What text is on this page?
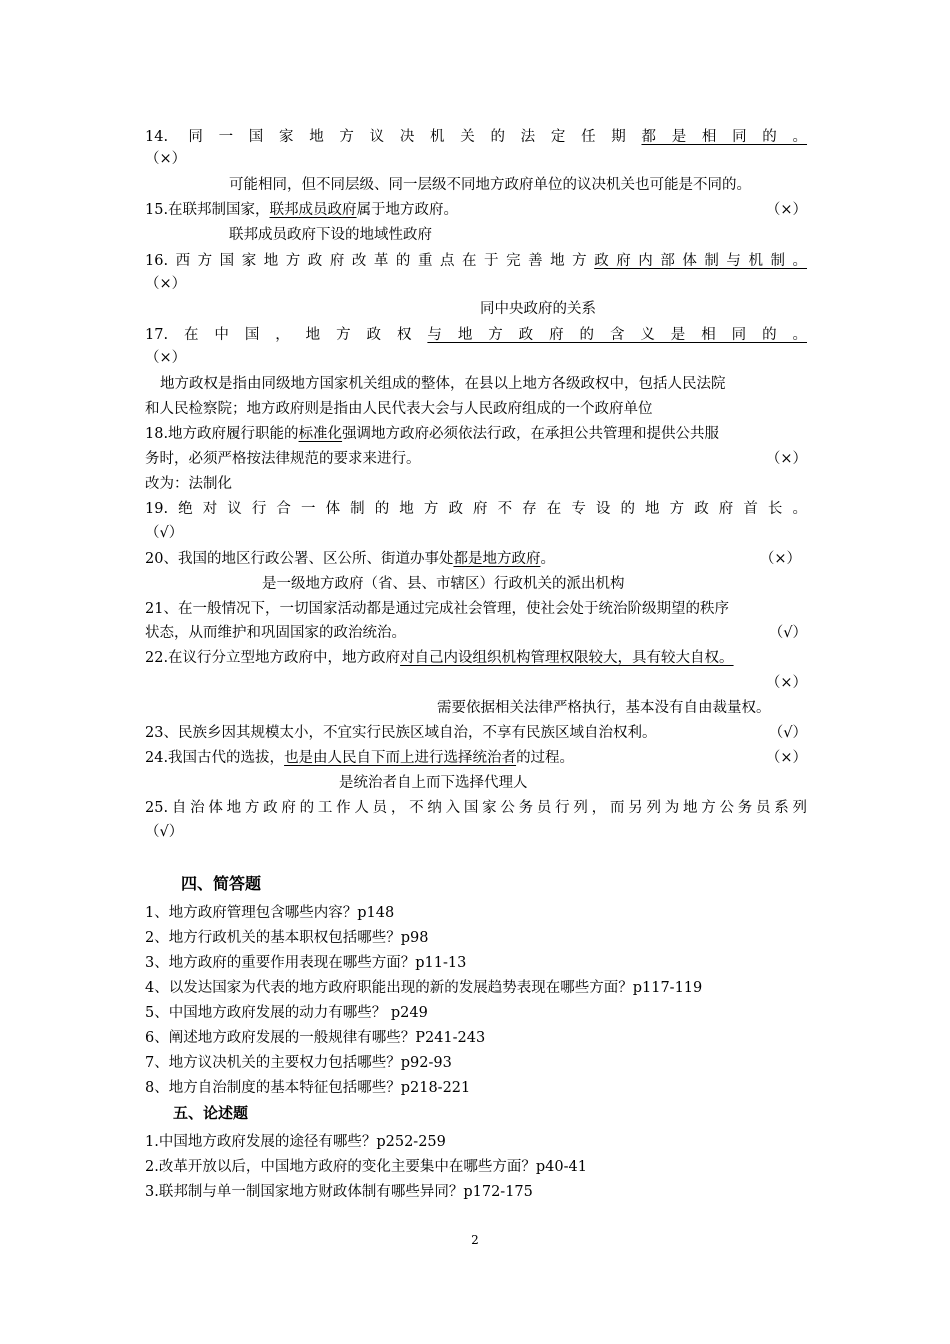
14. 同一国家地方议决机关的法定任期都是相同的。
（×）
可能相同，但不同层级、同一层级不同地方政府单位的议决机关也可能是不同的。
15.在联邦制国家，联邦成员政府属于地方政府。	（×）
联邦成员政府下设的地域性政府
16.西方国家地方政府改革的重点在于完善地方政府内部体制与机制。
（×）
同中央政府的关系
17.在中国，地方政权与地方政府的含义是相同的。
（×）
地方政权是指由同级地方国家机关组成的整体，在县以上地方各级政权中，包括人民法院
和人民检察院；地方政府则是指由人民代表大会与人民政府组成的一个政府单位
18.地方政府履行职能的标准化强调地方政府必须依法行政，在承担公共管理和提供公共服
务时，必须严格按法律规范的要求来进行。	（×）
改为：法制化
19.绝对议行合一体制的地方政府不存在专设的地方政府首长。
（√）
20、我国的地区行政公署、区公所、街道办事处都是地方政府。	（×）
是一级地方政府（省、县、市辖区）行政机关的派出机构
21、在一般情况下，一切国家活动都是通过完成社会管理，使社会处于统治阶级期望的秩序
状态，从而维护和巩固国家的政治统治。	（√）
22.在议行分立型地方政府中，地方政府对自己内设组织机构管理权限较大，具有较大自权。
（×）
需要依据相关法律严格执行，基本没有自由裁量权。
23、民族乡因其规模太小，不宜实行民族区域自治，不享有民族区域自治权利。	（√）
24.我国古代的选拔，也是由人民自下而上进行选择统治者的过程。	（×）
是统治者自上而下选择代理人
25.自治体地方政府的工作人员，不纳入国家公务员行列，而另列为地方公务员系列
（√）
四、简答题
1、地方政府管理包含哪些内容？p148
2、地方行政机关的基本职权包括哪些？p98
3、地方政府的重要作用表现在哪些方面？p11-13
4、以发达国家为代表的地方政府职能出现的新的发展趋势表现在哪些方面？p117-119
5、中国地方政府发展的动力有哪些？ p249
6、阐述地方政府发展的一般规律有哪些？P241-243
7、地方议决机关的主要权力包括哪些？p92-93
8、地方自治制度的基本特征包括哪些？p218-221
五、论述题
1.中国地方政府发展的途径有哪些？p252-259
2.改革开放以后，中国地方政府的变化主要集中在哪些方面？p40-41
3.联邦制与单一制国家地方财政体制有哪些异同？p172-175
2
